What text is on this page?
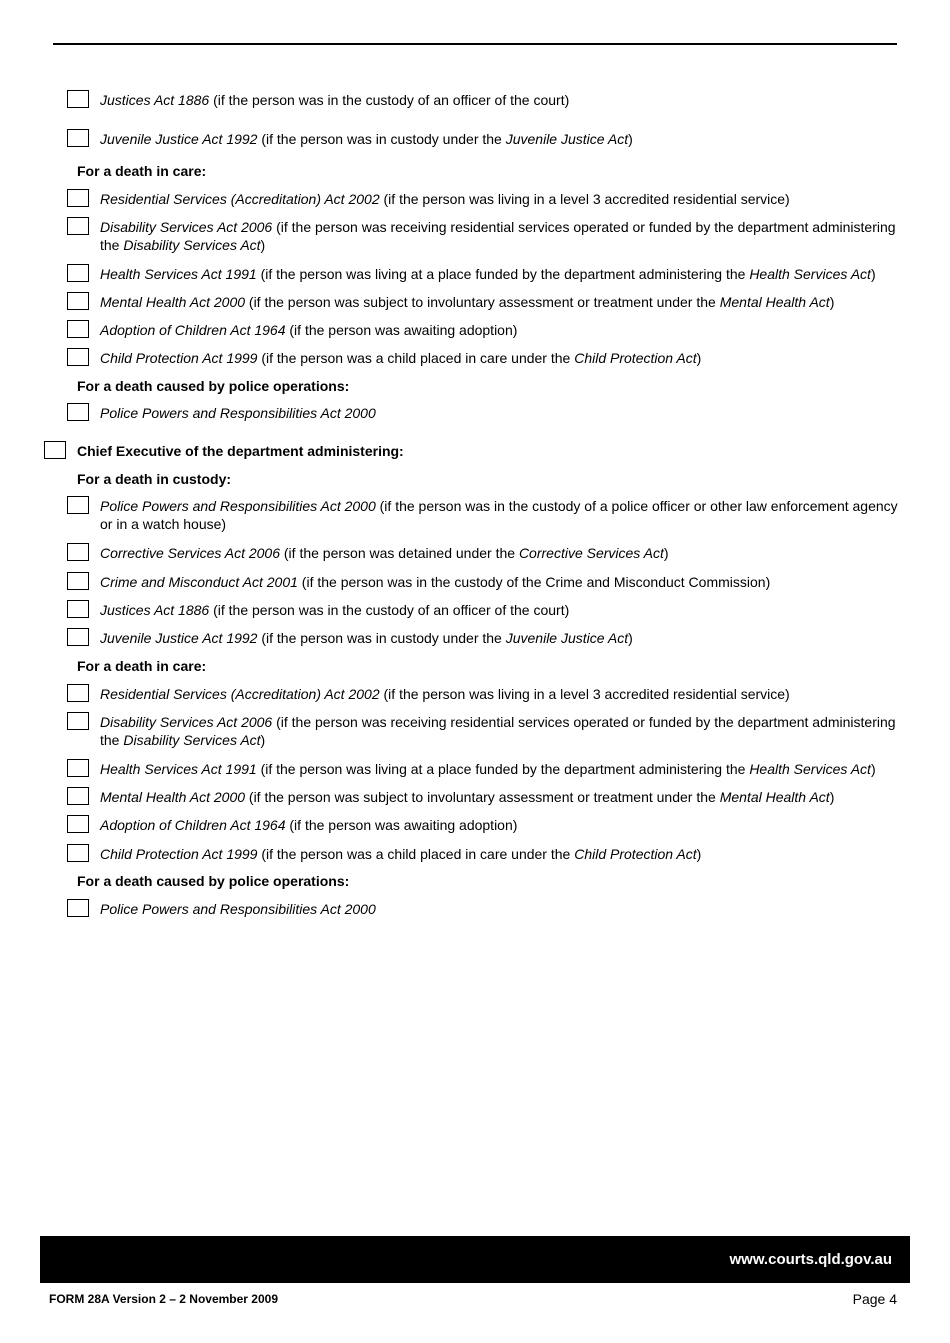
Justices Act 1886 (if the person was in the custody of an officer of the court)
Juvenile Justice Act 1992 (if the person was in custody under the Juvenile Justice Act)
For a death in care:
Residential Services (Accreditation) Act 2002 (if the person was living in a level 3 accredited residential service)
Disability Services Act 2006 (if the person was receiving residential services operated or funded by the department administering the Disability Services Act)
Health Services Act 1991 (if the person was living at a place funded by the department administering the Health Services Act)
Mental Health Act 2000 (if the person was subject to involuntary assessment or treatment under the Mental Health Act)
Adoption of Children Act 1964 (if the person was awaiting adoption)
Child Protection Act 1999 (if the person was a child placed in care under the Child Protection Act)
For a death caused by police operations:
Police Powers and Responsibilities Act 2000
Chief Executive of the department administering:
For a death in custody:
Police Powers and Responsibilities Act 2000 (if the person was in the custody of a police officer or other law enforcement agency or in a watch house)
Corrective Services Act 2006 (if the person was detained under the Corrective Services Act)
Crime and Misconduct Act 2001 (if the person was in the custody of the Crime and Misconduct Commission)
Justices Act 1886 (if the person was in the custody of an officer of the court)
Juvenile Justice Act 1992 (if the person was in custody under the Juvenile Justice Act)
For a death in care:
Residential Services (Accreditation) Act 2002 (if the person was living in a level 3 accredited residential service)
Disability Services Act 2006 (if the person was receiving residential services operated or funded by the department administering the Disability Services Act)
Health Services Act 1991 (if the person was living at a place funded by the department administering the Health Services Act)
Mental Health Act 2000 (if the person was subject to involuntary assessment or treatment under the Mental Health Act)
Adoption of Children Act 1964 (if the person was awaiting adoption)
Child Protection Act 1999 (if the person was a child placed in care under the Child Protection Act)
For a death caused by police operations:
Police Powers and Responsibilities Act 2000
www.courts.qld.gov.au
FORM 28A Version 2 – 2 November 2009	Page 4
